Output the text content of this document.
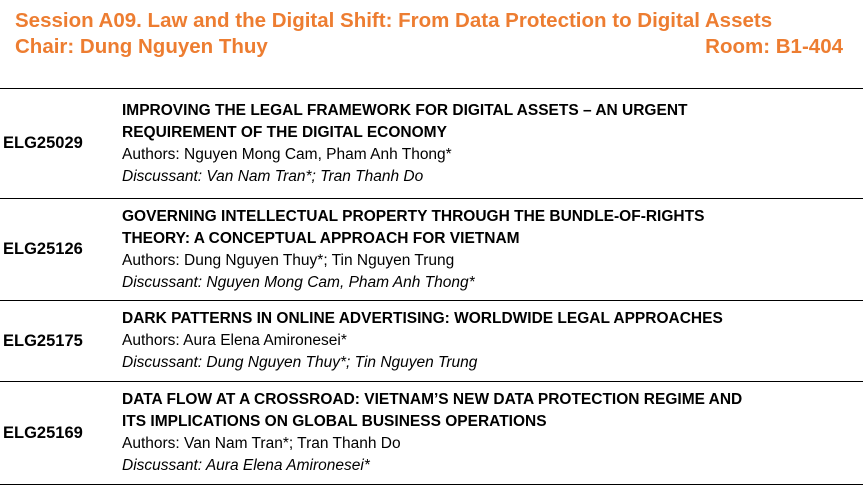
Session A09. Law and the Digital Shift: From Data Protection to Digital Assets
Chair: Dung Nguyen Thuy	Room: B1-404
ELG25029
IMPROVING THE LEGAL FRAMEWORK FOR DIGITAL ASSETS – AN URGENT
REQUIREMENT OF THE DIGITAL ECONOMY
Authors: Nguyen Mong Cam, Pham Anh Thong*
Discussant: Van Nam Tran*; Tran Thanh Do
ELG25126
GOVERNING INTELLECTUAL PROPERTY THROUGH THE BUNDLE-OF-RIGHTS
THEORY: A CONCEPTUAL APPROACH FOR VIETNAM
Authors: Dung Nguyen Thuy*; Tin Nguyen Trung
Discussant: Nguyen Mong Cam, Pham Anh Thong*
ELG25175
DARK PATTERNS IN ONLINE ADVERTISING: WORLDWIDE LEGAL APPROACHES
Authors: Aura Elena Amironesei*
Discussant: Dung Nguyen Thuy*; Tin Nguyen Trung
ELG25169
DATA FLOW AT A CROSSROAD: VIETNAM’S NEW DATA PROTECTION REGIME AND
ITS IMPLICATIONS ON GLOBAL BUSINESS OPERATIONS
Authors: Van Nam Tran*; Tran Thanh Do
Discussant: Aura Elena Amironesei*
